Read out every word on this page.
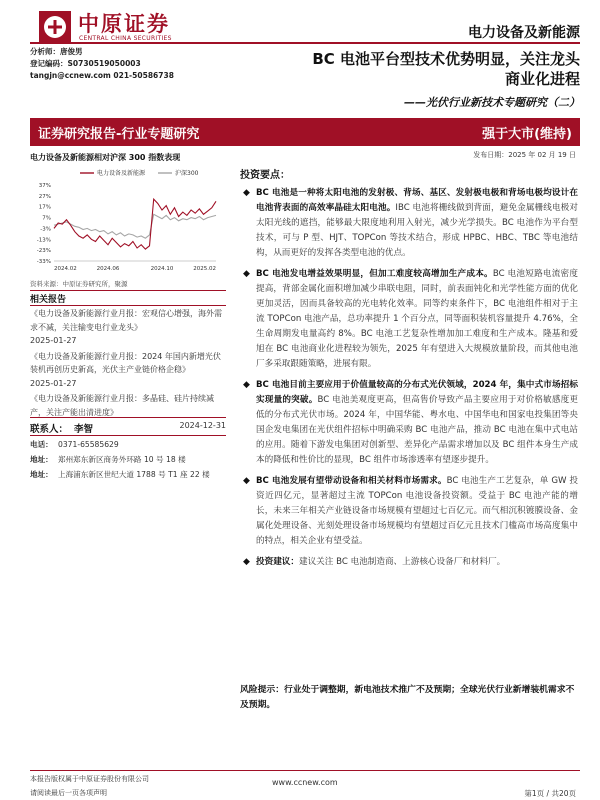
中原证券
CENTRAL CHINA SECURITIES	电力设备及新能源
分析师：唐俊男
登记编码：S0730519050003
tangjn@ccnew.com 021-50586738
BC 电池平台型技术优势明显，关注龙头
商业化进程
——光伏行业新技术专题研究（二）
证券研究报告-行业专题研究	强于大市(维持)
电力设备及新能源相对沪深 300 指数表现
37%
27%
17%
7%
-3%
-13%
-23%
-33%
2024.02	2024.06	2024.10	2025.02
电力设备及新能源	沪深300
资料来源：中原证券研究所，聚源
相关报告

《电力设备及新能源行业月报：宏观信心增强，海外需求不减，关注输变电行业龙头》

2025-01-27

《电力设备及新能源行业月报：2024 年国内新增光伏装机再创历史新高，光伏主产业链价格企稳》

2025-01-27

《电力设备及新能源行业月报：多晶硅、硅片持续减产，关注产能出清进度》

2024-12-31

联系人： 李智
电话： 0371-65585629
地址： 郑州郑东新区商务外环路 10 号 18 楼
地址： 上海浦东新区世纪大道 1788 号 T1 座 22 楼
发布日期：2025 年 02 月 19 日
投资要点：
◆ BC 电池是一种将太阳电池的发射极、背场、基区、发射极电极和背场电极均设计在电池背表面的高效率晶硅太阳电池。IBC 电池将栅线做到背面，避免金属栅线电极对太阳光线的遮挡，能够最大限度地利用入射光，减少光学损失。BC 电池作为平台型技术，可与 P 型、HJT、TOPCon 等技术结合，形成 HPBC、HBC、TBC 等电池结构，从而更好的发挥各类型电池的优点。
◆ BC 电池发电增益效果明显，但加工难度较高增加生产成本。BC 电池短路电流密度提高，背部金属化面积增加减少串联电阻，同时，前表面钝化和光学性能方面的优化更加灵活，因而具备较高的光电转化效率。同等约束条件下，BC 电池组件相对于主流 TOPCon 电池产品，总功率提升 1 个百分点，同等面积装机容量提升 4.76%，全生命周期发电量高约 8%。BC 电池工艺复杂性增加加工难度和生产成本。隆基和爱旭在 BC 电池商业化进程较为领先，2025 年有望进入大规模放量阶段，而其他电池厂多采取跟随策略，进展有限。
◆ BC 电池目前主要应用于价值量较高的分布式光伏领域，2024 年，集中式市场招标实现量的突破。BC 电池美观度更高，但高售价导致产品主要应用于对价格敏感度更低的分布式光伏市场。2024 年，中国华能、粤水电、中国华电和国家电投集团等央国企发电集团在光伏组件招标中明确采购 BC 电池产品，推动 BC 电池在集中式电站的应用。随着下游发电集团对创新型、差异化产品需求增加以及 BC 组件本身生产成本的降低和性价比的显现，BC 组件市场渗透率有望逐步提升。
◆ BC 电池发展有望带动设备和相关材料市场需求。BC 电池生产工艺复杂，单 GW 投资近四亿元，显著超过主流 TOPCon 电池设备投资额。受益于 BC 电池产能的增长，未来三年相关产业链设备市场规模有望超过七百亿元。而气相沉积镀膜设备、金属化处理设备、光刻处理设备市场规模均有望超过百亿元且技术门槛高市场高度集中的特点，相关企业有望受益。
◆ 投资建议：建议关注 BC 电池制造商、上游核心设备厂和材料厂。
风险提示：行业处于调整期，新电池技术推广不及预期；全球光伏行业新增装机需求不及预期。
本报告版权属于中原证券股份有限公司
请阅读最后一页各项声明
www.ccnew.com
第1页 / 共20页
